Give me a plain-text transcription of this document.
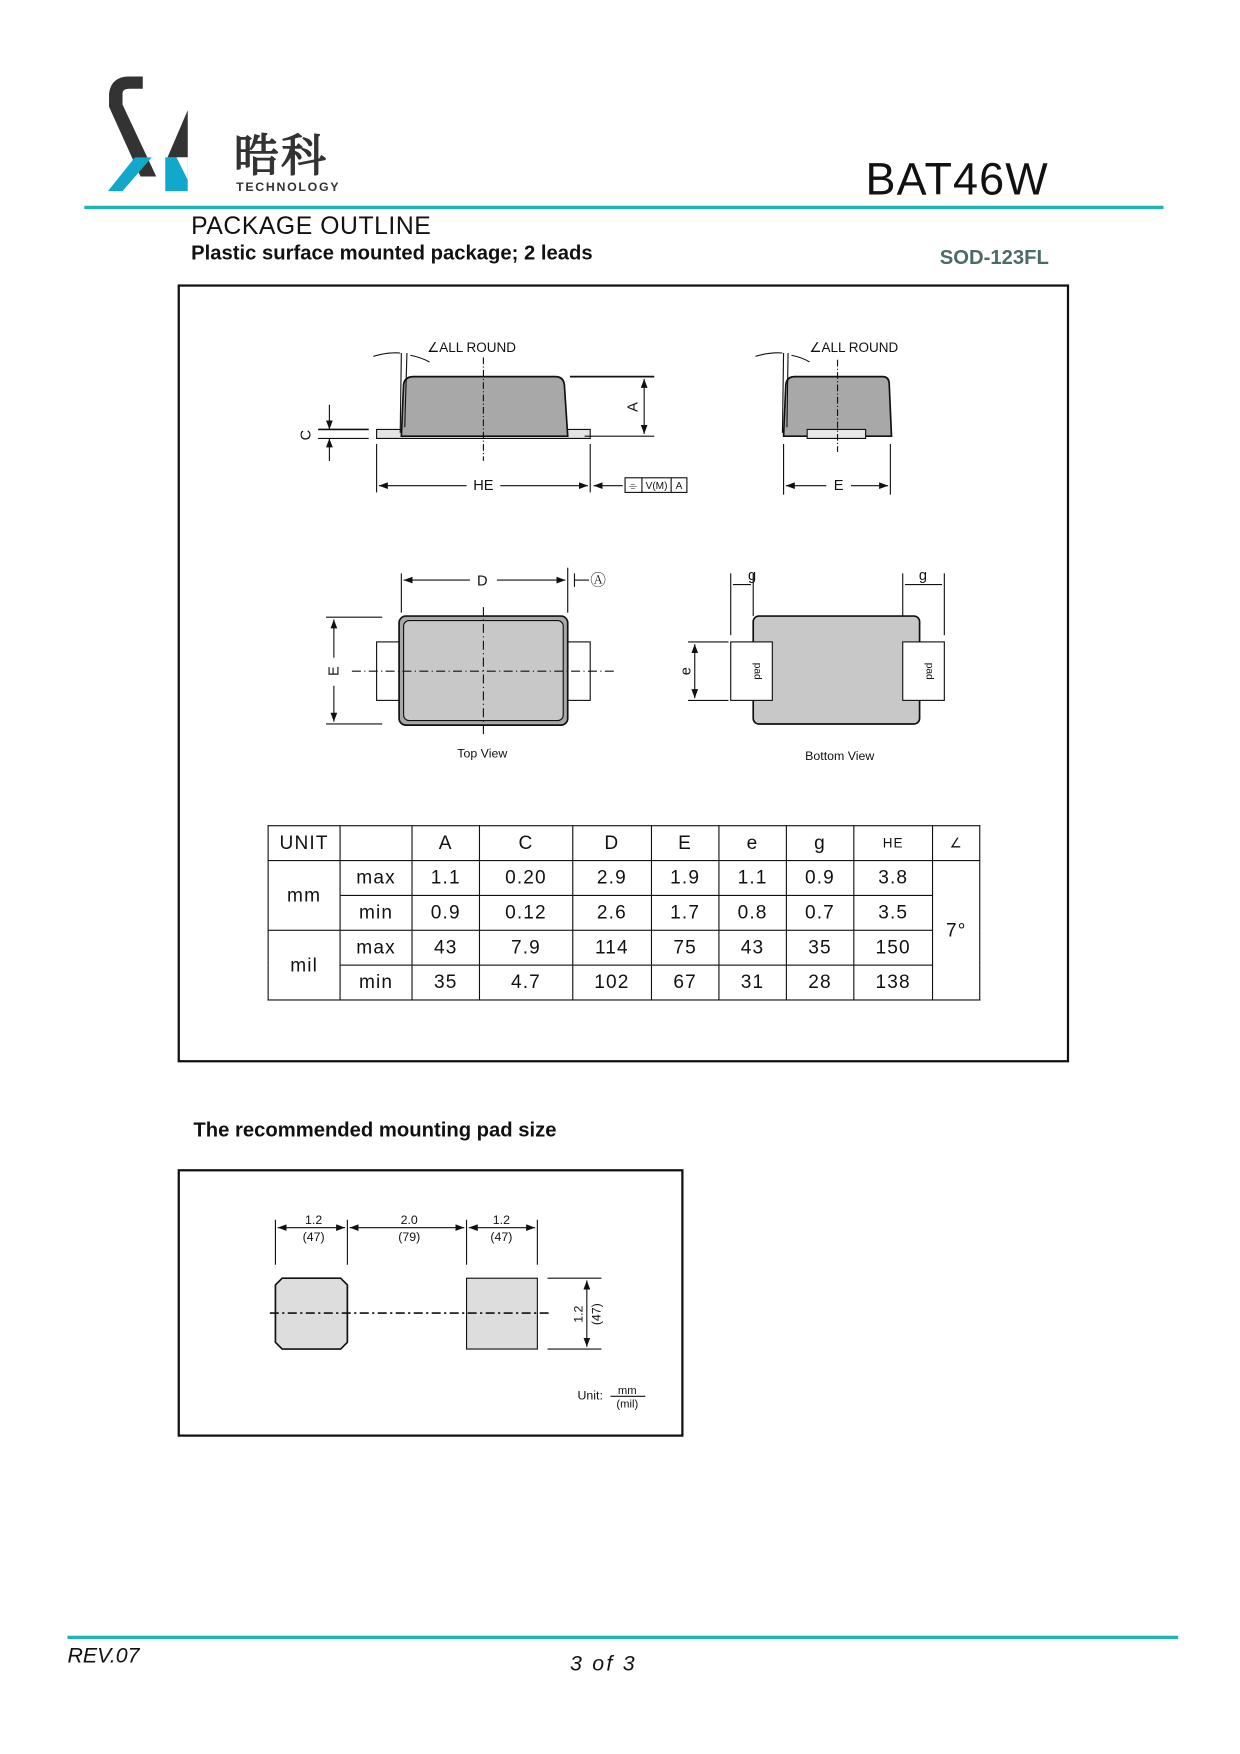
晧科
TECHNOLOGY	BAT46W
PACKAGE OUTLINE
Plastic surface mounted package; 2 leads	SOD-123FL
∠ALL ROUND	∠ALL ROUND
A
C
HE	⌯ V(M) A	E
D	Ⓐ
E
Top View
g	g
e	pad	pad
Bottom View
UNIT		A	C	D	E	e	g	HE	∠
mm	max	1.1	0.20	2.9	1.9	1.1	0.9	3.8	7°
	min	0.9	0.12	2.6	1.7	0.8	0.7	3.5	
mil	max	43	7.9	114	75	43	35	150	
	min	35	4.7	102	67	31	28	138	
The recommended mounting pad size
1.2
(47)
2.0
(79)
1.2
(47)
1.2 (47)
Unit: mm
(mil)
REV.07	3 of 3
